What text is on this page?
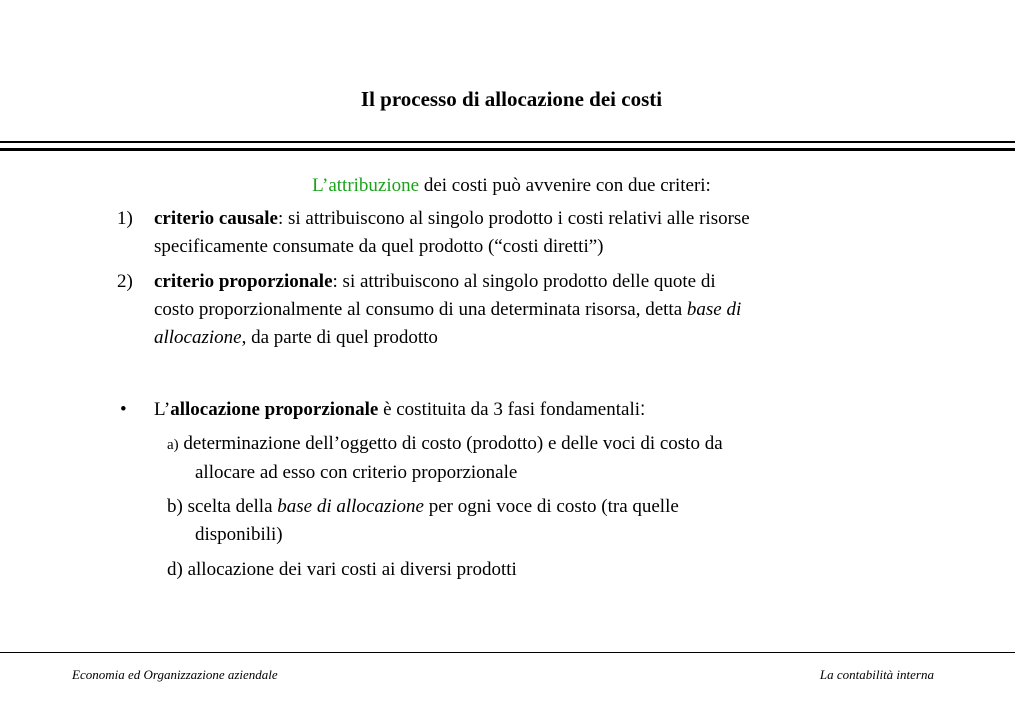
Il processo di allocazione dei costi
L’attribuzione dei costi può avvenire con due criteri:
1) criterio causale: si attribuiscono al singolo prodotto i costi relativi alle risorse
specificamente consumate da quel prodotto (“costi diretti”)
2) criterio proporzionale: si attribuiscono al singolo prodotto delle quote di
costo proporzionalmente al consumo di una determinata risorsa, detta base di
allocazione, da parte di quel prodotto
• L’allocazione proporzionale è costituita da 3 fasi fondamentali:
a) determinazione dell’oggetto di costo (prodotto) e delle voci di costo da
allocare ad esso con criterio proporzionale
b) scelta della base di allocazione per ogni voce di costo (tra quelle
disponibili)
d) allocazione dei vari costi ai diversi prodotti
Economia ed Organizzazione aziendale	La contabilità interna
